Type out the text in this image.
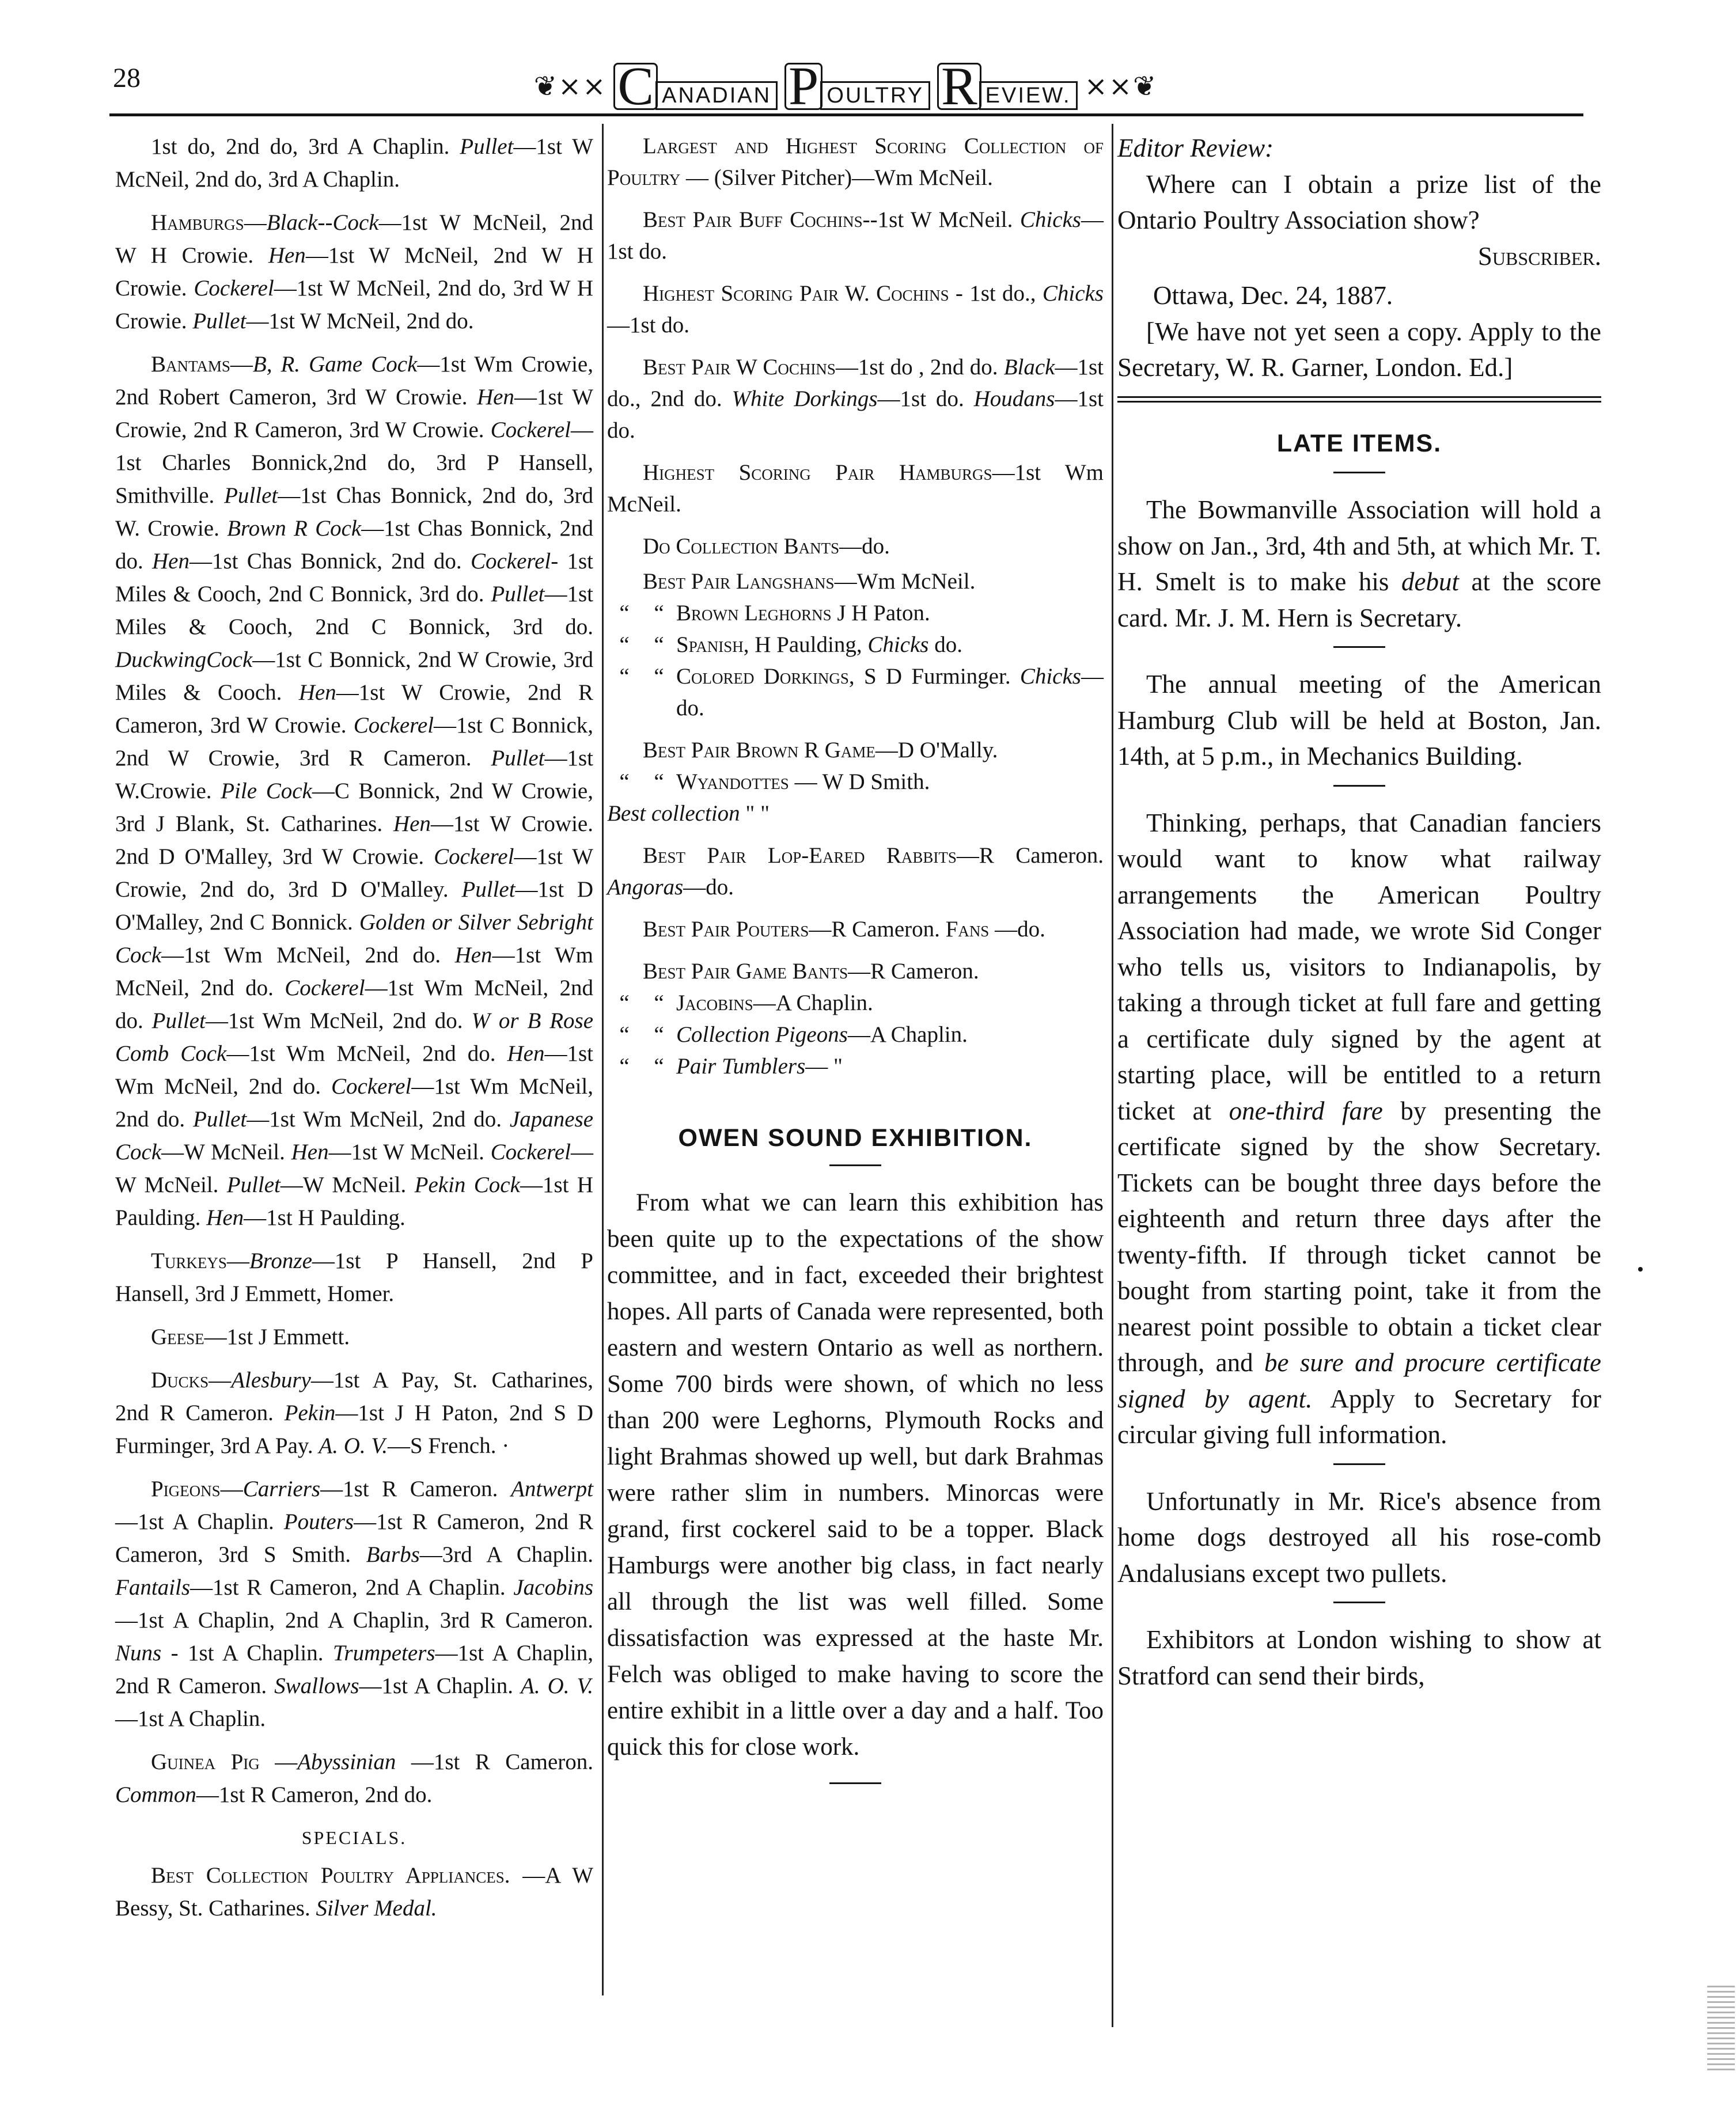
28	❦⨯⨯ C ANADIAN P OULTRY R EVIEW. ⨯⨯❦

1st do, 2nd do, 3rd A Chaplin. Pullet—1st W McNeil, 2nd do, 3rd A Chaplin.

Hamburgs—Black--Cock—1st W McNeil, 2nd W H Crowie. Hen—1st W McNeil, 2nd W H Crowie. Cockerel—1st W McNeil, 2nd do, 3rd W H Crowie. Pullet—1st W McNeil, 2nd do.

Bantams—B, R. Game Cock—1st Wm Crowie, 2nd Robert Cameron, 3rd W Crowie. Hen—1st W Crowie, 2nd R Cameron, 3rd W Crowie. Cockerel—1st Charles Bonnick,2nd do, 3rd P Hansell, Smithville. Pullet—1st Chas Bonnick, 2nd do, 3rd W. Crowie. Brown R Cock—1st Chas Bonnick, 2nd do. Hen—1st Chas Bonnick, 2nd do. Cockerel- 1st Miles & Cooch, 2nd C Bonnick, 3rd do. Pullet—1st Miles & Cooch, 2nd C Bonnick, 3rd do. DuckwingCock—1st C Bonnick, 2nd W Crowie, 3rd Miles & Cooch. Hen—1st W Crowie, 2nd R Cameron, 3rd W Crowie. Cockerel—1st C Bonnick, 2nd W Crowie, 3rd R Cameron. Pullet—1st W.Crowie. Pile Cock—C Bonnick, 2nd W Crowie, 3rd J Blank, St. Catharines. Hen—1st W Crowie. 2nd D O'Malley, 3rd W Crowie. Cockerel—1st W Crowie, 2nd do, 3rd D O'Malley. Pullet—1st D O'Malley, 2nd C Bonnick. Golden or Silver Sebright Cock—1st Wm McNeil, 2nd do. Hen—1st Wm McNeil, 2nd do. Cockerel—1st Wm McNeil, 2nd do. Pullet—1st Wm McNeil, 2nd do. W or B Rose Comb Cock—1st Wm McNeil, 2nd do. Hen—1st Wm McNeil, 2nd do. Cockerel—1st Wm McNeil, 2nd do. Pullet—1st Wm McNeil, 2nd do. Japanese Cock—W McNeil. Hen—1st W McNeil. Cockerel—W McNeil. Pullet—W McNeil. Pekin Cock—1st H Paulding. Hen—1st H Paulding.

Turkeys—Bronze—1st P Hansell, 2nd P Hansell, 3rd J Emmett, Homer.

Geese—1st J Emmett.

Ducks—Alesbury—1st A Pay, St. Catharines, 2nd R Cameron. Pekin—1st J H Paton, 2nd S D Furminger, 3rd A Pay. A. O. V.—S French. ·

Pigeons—Carriers—1st R Cameron. Antwerpt—1st A Chaplin. Pouters—1st R Cameron, 2nd R Cameron, 3rd S Smith. Barbs—3rd A Chaplin. Fantails—1st R Cameron, 2nd A Chaplin. Jacobins—1st A Chaplin, 2nd A Chaplin, 3rd R Cameron. Nuns - 1st A Chaplin. Trumpeters—1st A Chaplin, 2nd R Cameron. Swallows—1st A Chaplin. A. O. V.—1st A Chaplin.

Guinea Pig —Abyssinian —1st R Cameron. Common—1st R Cameron, 2nd do.

SPECIALS.

Best Collection Poultry Appliances. —A W Bessy, St. Catharines. Silver Medal.

Largest and Highest Scoring Collection of Poultry — (Silver Pitcher)—Wm McNeil.

Best Pair Buff Cochins--1st W McNeil. Chicks—1st do.

Highest Scoring Pair W. Cochins - 1st do., Chicks—1st do.

Best Pair W Cochins—1st do , 2nd do. Black—1st do., 2nd do. White Dorkings—1st do. Houdans—1st do.

Highest Scoring Pair Hamburgs—1st Wm McNeil.

Do Collection Bants—do.

Best Pair Langshans—Wm McNeil.

“	“ Brown Leghorns J H Paton.

“	“ Spanish, H Paulding, Chicks do.

“	“ Colored Dorkings, S D Furminger. Chicks—do.

Best Pair Brown R Game—D O'Mally.

“	“ Wyandottes — W D Smith.

Best collection " "

Best Pair Lop-Eared Rabbits—R Cameron. Angoras—do.

Best Pair Pouters—R Cameron. Fans —do.

Best Pair Game Bants—R Cameron.

“	“ Jacobins—A Chaplin.

“	“ Collection Pigeons—A Chaplin.

“	“ Pair Tumblers— "

OWEN SOUND EXHIBITION.

From what we can learn this exhibition has been quite up to the expectations of the show committee, and in fact, exceeded their brightest hopes. All parts of Canada were represented, both eastern and western Ontario as well as northern. Some 700 birds were shown, of which no less than 200 were Leghorns, Plymouth Rocks and light Brahmas showed up well, but dark Brahmas were rather slim in numbers. Minorcas were grand, first cockerel said to be a topper. Black Hamburgs were another big class, in fact nearly all through the list was well filled. Some dissatisfaction was expressed at the haste Mr. Felch was obliged to make having to score the entire exhibit in a little over a day and a half. Too quick this for close work.

Editor Review:

Where can I obtain a prize list of the Ontario Poultry Association show?

Subscriber.

Ottawa, Dec. 24, 1887.

[We have not yet seen a copy. Apply to the Secretary, W. R. Garner, London. Ed.]

LATE ITEMS.

The Bowmanville Association will hold a show on Jan., 3rd, 4th and 5th, at which Mr. T. H. Smelt is to make his debut at the score card. Mr. J. M. Hern is Secretary.

The annual meeting of the American Hamburg Club will be held at Boston, Jan. 14th, at 5 p.m., in Mechanics Building.

Thinking, perhaps, that Canadian fanciers would want to know what railway arrangements the American Poultry Association had made, we wrote Sid Conger who tells us, visitors to Indianapolis, by taking a through ticket at full fare and getting a certificate duly signed by the agent at starting place, will be entitled to a return ticket at one-third fare by presenting the certificate signed by the show Secretary. Tickets can be bought three days before the eighteenth and return three days after the twenty-fifth. If through ticket cannot be bought from starting point, take it from the nearest point possible to obtain a ticket clear through, and be sure and procure certificate signed by agent. Apply to Secretary for circular giving full information.

Unfortunatly in Mr. Rice's absence from home dogs destroyed all his rose-comb Andalusians except two pullets.

Exhibitors at London wishing to show at Stratford can send their birds,
